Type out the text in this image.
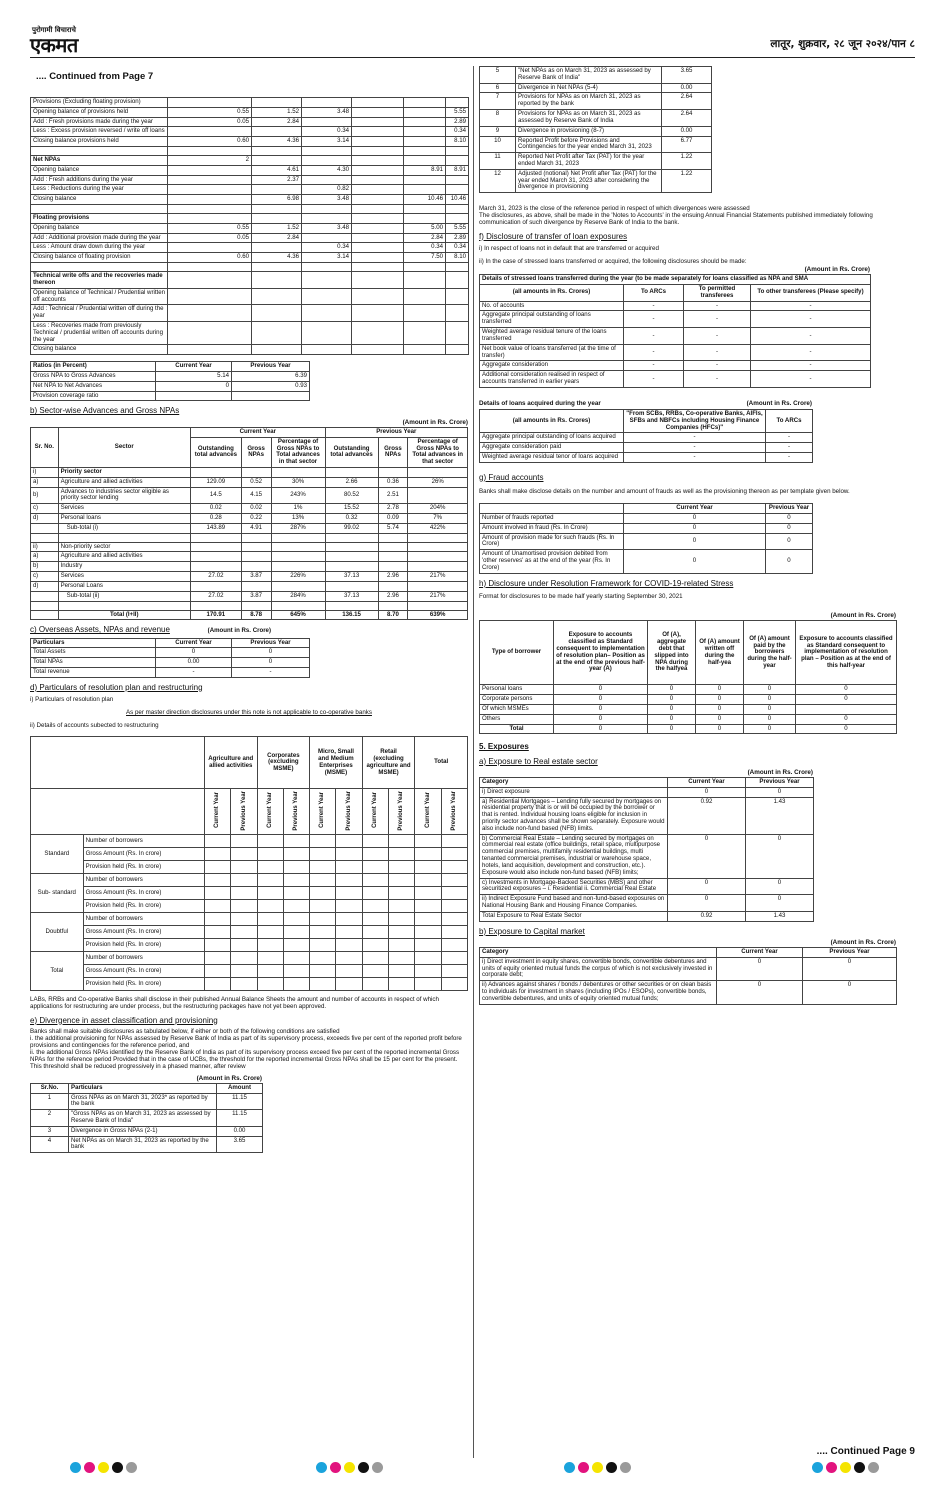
पुरोगामी विचाराचे
एकमत	लातूर, शुक्रवार, २८ जून २०२४/पान ८
.... Continued from Page 7
Provisions (Excluding floating provision)						
Opening balance of provisions held	0.55	1.52	3.48			5.55
Add : Fresh provisions made during the year	0.05	2.84				2.89
Less : Excess provision reversed / write off loans			0.34			0.34
Closing balance provisions held	0.60	4.36	3.14			8.10

Net NPAs	2					
Opening balance		4.61	4.30		8.91	8.91
Add : Fresh additions during the year		2.37				
Less : Reductions during the year			0.82			
Closing balance		6.98	3.48		10.46	10.46

Floating provisions						
Opening balance	0.55	1.52	3.48		5.00	5.55
Add : Additional provision made during the year	0.05	2.84			2.84	2.89
Less : Amount draw down during the year			0.34		0.34	0.34
Closing balance of floating provision	0.60	4.36	3.14		7.50	8.10

Technical write offs and the recoveries made thereon						
Opening balance of Technical / Prudential written off accounts						
Add : Technical / Prudential written off during the year						
Less : Recoveries made from previously Technical / prudential written off accounts during the year						
Closing balance						
Ratios (in Percent)	Current Year	Previous Year
Gross NPA to Gross Advances	5.14	6.39
Net NPA to Net Advances	0	0.93
Provision coverage ratio		
b) Sector-wise Advances and Gross NPAs
(Amount in Rs. Crore)
Sr. No.	Sector	Current Year			Previous Year		
		Outstanding total advances	Gross NPAs	Percentage of Gross NPAs to Total advances in that sector	Outstanding total advances	Gross NPAs	Percentage of Gross NPAs to Total advances in that sector
i)	Priority sector						
a)	Agriculture and allied activities	129.09	0.52	30%	2.66	0.36	26%
b)	Advances to industries sector eligible as priority sector lending	14.5	4.15	243%	80.52	2.51	
c)	Services	0.02	0.02	1%	15.52	2.78	204%
d)	Personal loans	0.28	0.22	13%	0.32	0.09	7%
	Sub-total (i)	143.89	4.91	287%	99.02	5.74	422%

ii)	Non-priority sector						
a)	Agriculture and allied activities						
b)	Industry						
c)	Services	27.02	3.87	226%	37.13	2.96	217%
d)	Personal Loans						
	Sub-total (ii)	27.02	3.87	284%	37.13	2.96	217%

	Total (I+II)	170.91	8.78	645%	136.15	8.70	639%
c) Overseas Assets, NPAs and revenue	(Amount in Rs. Crore)
Particulars	Current Year	Previous Year
Total Assets	0	0
Total NPAs	0.00	0
Total revenue	-	-
d) Particulars of resolution plan and restructuring
i) Particulars of resolution plan
As per master direction disclosures under this note is not applicable to co-operative banks
ii) Details of accounts subected to restructuring
		Agriculture and allied activities		Corporates (excluding MSME)		Micro, Small and Medium Enterprises (MSME)		Retail (excluding agriculture and MSME)		Total	
		Current Year	Previous Year	Current Year	Previous Year	Current Year	Previous Year	Current Year	Previous Year	Current Year	Previous Year
Standard	Number of borrowers										
	Gross Amount (Rs. In crore)										
	Provision held (Rs. In crore)										
Sub- standard	Number of borrowers										
	Gross Amount (Rs. In crore)										
	Provision held (Rs. In crore)										
Doubtful	Number of borrowers										
	Gross Amount (Rs. In crore)										
	Provision held (Rs. In crore)										
Total	Number of borrowers										
	Gross Amount (Rs. In crore)										
	Provision held (Rs. In crore)										
LABs, RRBs and Co-operative Banks shall disclose in their published Annual Balance Sheets the amount and number of accounts in respect of which applications for restructuring are under process, but the restructuring packages have not yet been approved.
e) Divergence in asset classification and provisioning
Banks shall make suitable disclosures as tabulated below, if either or both of the following conditions are satisfied
i. the additional provisioning for NPAs assessed by Reserve Bank of India as part of its supervisory process, exceeds five per cent of the reported profit before provisions and contingencies for the reference period, and
ii. the additional Gross NPAs identified by the Reserve Bank of India as part of its supervisory process exceed five per cent of the reported incremental Gross NPAs for the reference period Provided that in the case of UCBs, the threshold for the reported incremental Gross NPAs shall be 15 per cent for the present.
This threshold shall be reduced progressively in a phased manner, after review
(Amount in Rs. Crore)
Sr.No.	Particulars	Amount
1	Gross NPAs as on March 31, 2023* as reported by the bank	11.15
2	"Gross NPAs as on March 31, 2023 as assessed by Reserve Bank of India"	11.15
3	Divergence in Gross NPAs (2-1)	0.00
4	Net NPAs as on March 31, 2023 as reported by the bank	3.65
5	"Net NPAs as on March 31, 2023 as assessed by Reserve Bank of India"	3.65
6	Divergence in Net NPAs (5-4)	0.00
7	Provisions for NPAs as on March 31, 2023 as reported by the bank	2.64
8	Provisions for NPAs as on March 31, 2023 as assessed by Reserve Bank of India	2.64
9	Divergence in provisioning (8-7)	0.00
10	Reported Profit before Provisions and Contingencies for the year ended March 31, 2023	6.77
11	Reported Net Profit after Tax (PAT) for the year ended March 31, 2023	1.22
12	Adjusted (notional) Net Profit after Tax (PAT) for the year ended March 31, 2023 after considering the divergence in provisioning	1.22
March 31, 2023 is the close of the reference period in respect of which divergences were assessed
The disclosures, as above, shall be made in the 'Notes to Accounts' in the ensuing Annual Financial Statements published immediately following communication of such divergence by Reserve Bank of India to the bank.
f) Disclosure of transfer of loan exposures
i) In respect of loans not in default that are transferred or acquired
ii) In the case of stressed loans transferred or acquired, the following disclosures should be made:
(Amount in Rs. Crore)
Details of stressed loans transferred during the year (to be made separately for loans classified as NPA and SMA			
(all amounts in Rs. Crores)	To ARCs	To permitted transferees	To other transferees (Please specify)
No. of accounts	-	-	-
Aggregate principal outstanding of loans transferred	-	-	-
Weighted average residual tenure of the loans transferred	-	-	-
Net book value of loans transferred (at the time of transfer)	-	-	-
Aggregate consideration	-	-	-
Additional consideration realised in respect of accounts transferred in earlier years	-	-	-
Details of loans acquired during the year	(Amount in Rs. Crore)
(all amounts in Rs. Crores)	"From SCBs, RRBs, Co-operative Banks, AIFIs, SFBs and NBFCs including Housing Finance Companies (HFCs)"	To ARCs
Aggregate principal outstanding of loans acquired	-	-
Aggregate consideration paid	-	-
Weighted average residual tenor of loans acquired	-	-
g) Fraud accounts
Banks shall make disclose details on the number and amount of frauds as well as the provisioning thereon as per template given below.
	Current Year	Previous Year
Number of frauds reported	0	0
Amount involved in fraud (Rs. In Crore)	0	0
Amount of provision made for such frauds (Rs. In Crore)	0	0
Amount of Unamortised provision debited from 'other reserves' as at the end of the year (Rs. In Crore)	0	0
h) Disclosure under Resolution Framework for COVID-19-related Stress
Format for disclosures to be made half yearly starting September 30, 2021
(Amount in Rs. Crore)
Type of borrower	Exposure to accounts classified as Standard consequent to implementation of resolution plan– Position as at the end of the previous half-year (A)	Of (A), aggregate debt that slipped into NPA during the halfyea	Of (A) amount written off during the half-yea	Of (A) amount paid by the borrowers during the half- year	Exposure to accounts classified as Standard consequent to implementation of resolution plan – Position as at the end of this half-year
Personal loans	0	0	0	0	0
Corporate persons	0	0	0	0	0
Of which MSMEs	0	0	0	0	
Others	0	0	0	0	0
Total	0	0	0	0	0
5. Exposures
a) Exposure to Real estate sector
(Amount in Rs. Crore)
Category	Current Year	Previous Year
i) Direct exposure	0	0
a) Residential Mortgages – Lending fully secured by mortgages on residential property that is or will be occupied by the borrower or that is rented. Individual housing loans eligible for inclusion in priority sector advances shall be shown separately. Exposure would also include non-fund based (NFB) limits.	0.92	1.43
b) Commercial Real Estate – Lending secured by mortgages on commercial real estate (office buildings, retail space, multipurpose commercial premises, multifamily residential buildings, multi tenanted commercial premises, industrial or warehouse space, hotels, land acquisition, development and construction, etc.). Exposure would also include non-fund based (NFB) limits;	0	0
c) Investments in Mortgage-Backed Securities (MBS) and other securitized exposures – i. Residential ii. Commercial Real Estate	0	0
ii) Indirect Exposure Fund based and non-fund-based exposures on National Housing Bank and Housing Finance Companies.	0	0
Total Exposure to Real Estate Sector	0.92	1.43
b) Exposure to Capital market
(Amount in Rs. Crore)
Category	Current Year	Previous Year
i) Direct investment in equity shares, convertible bonds, convertible debentures and units of equity oriented mutual funds the corpus of which is not exclusively invested in corporate debt;	0	0
ii) Advances against shares / bonds / debentures or other securities or on clean basis to individuals for investment in shares (including IPOs / ESOPs), convertible bonds, convertible debentures, and units of equity oriented mutual funds;	0	0
.... Continued Page 9
